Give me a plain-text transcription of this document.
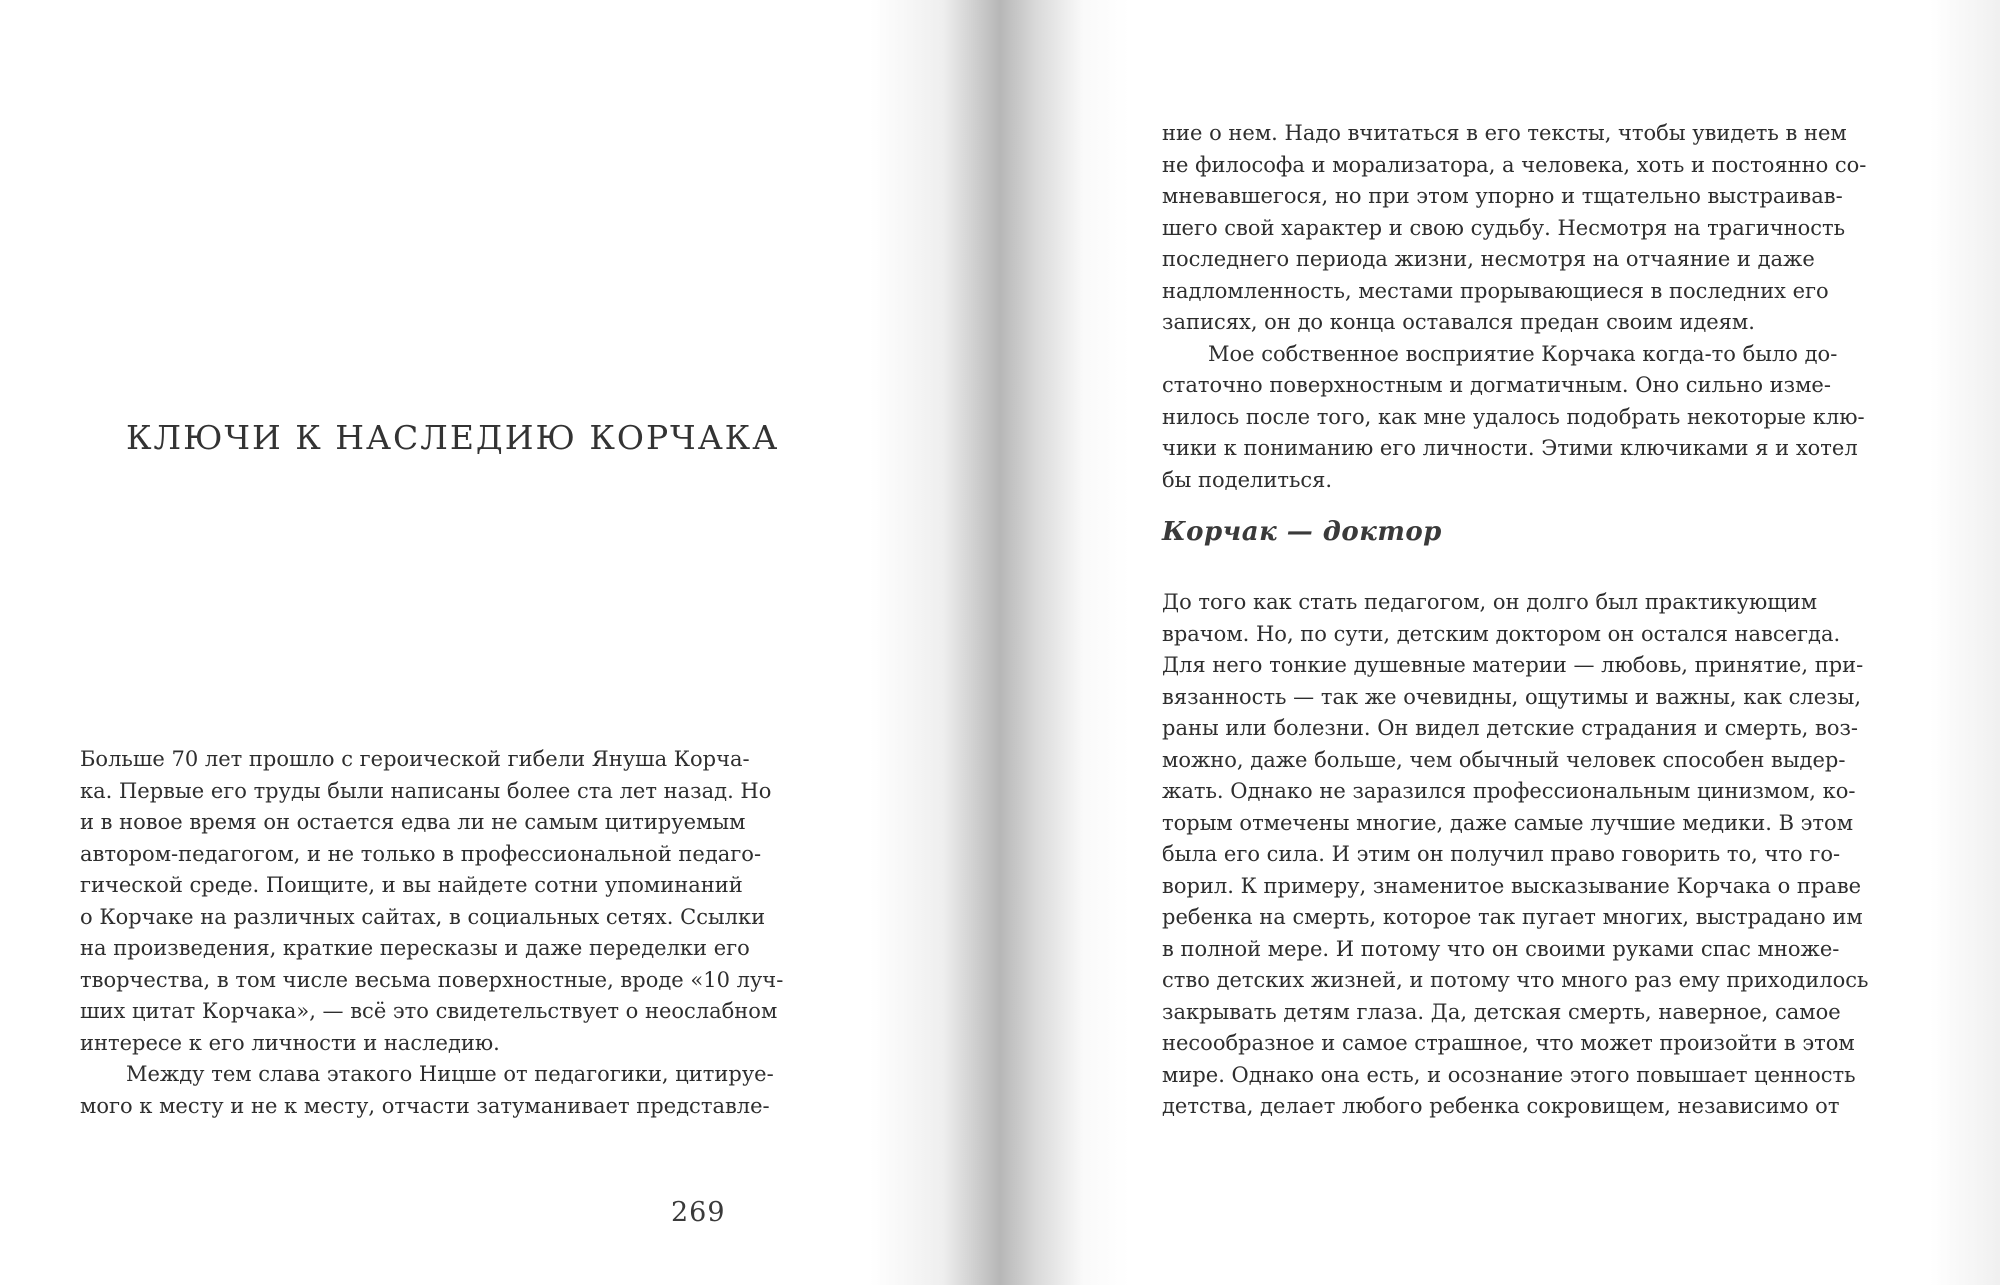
КЛЮЧИ К НАСЛЕДИЮ КОРЧАКА

Больше 70 лет прошло с героической гибели Януша Корча-
ка. Первые его труды были написаны более ста лет назад. Но
и в новое время он остается едва ли не самым цитируемым
автором-педагогом, и не только в профессиональной педаго-
гической среде. Поищите, и вы найдете сотни упоминаний
о Корчаке на различных сайтах, в социальных сетях. Ссылки
на произведения, краткие пересказы и даже переделки его
творчества, в том числе весьма поверхностные, вроде «10 луч-
ших цитат Корчака», — всё это свидетельствует о неослабном
интересе к его личности и наследию.

Между тем слава этакого Ницше от педагогики, цитируе-
мого к месту и не к месту, отчасти затуманивает представле-

269

ние о нем. Надо вчитаться в его тексты, чтобы увидеть в нем
не философа и морализатора, а человека, хоть и постоянно со-
мневавшегося, но при этом упорно и тщательно выстраивав-
шего свой характер и свою судьбу. Несмотря на трагичность
последнего периода жизни, несмотря на отчаяние и даже
надломленность, местами прорывающиеся в последних его
записях, он до конца оставался предан своим идеям.

Мое собственное восприятие Корчака когда-то было до-
статочно поверхностным и догматичным. Оно сильно изме-
нилось после того, как мне удалось подобрать некоторые клю-
чики к пониманию его личности. Этими ключиками я и хотел
бы поделиться.

Корчак — доктор

До того как стать педагогом, он долго был практикующим
врачом. Но, по сути, детским доктором он остался навсегда.
Для него тонкие душевные материи — любовь, принятие, при-
вязанность — так же очевидны, ощутимы и важны, как слезы,
раны или болезни. Он видел детские страдания и смерть, воз-
можно, даже больше, чем обычный человек способен выдер-
жать. Однако не заразился профессиональным цинизмом, ко-
торым отмечены многие, даже самые лучшие медики. В этом
была его сила. И этим он получил право говорить то, что го-
ворил. К примеру, знаменитое высказывание Корчака о праве
ребенка на смерть, которое так пугает многих, выстрадано им
в полной мере. И потому что он своими руками спас множе-
ство детских жизней, и потому что много раз ему приходилось
закрывать детям глаза. Да, детская смерть, наверное, самое
несообразное и самое страшное, что может произойти в этом
мире. Однако она есть, и осознание этого повышает ценность
детства, делает любого ребенка сокровищем, независимо от
